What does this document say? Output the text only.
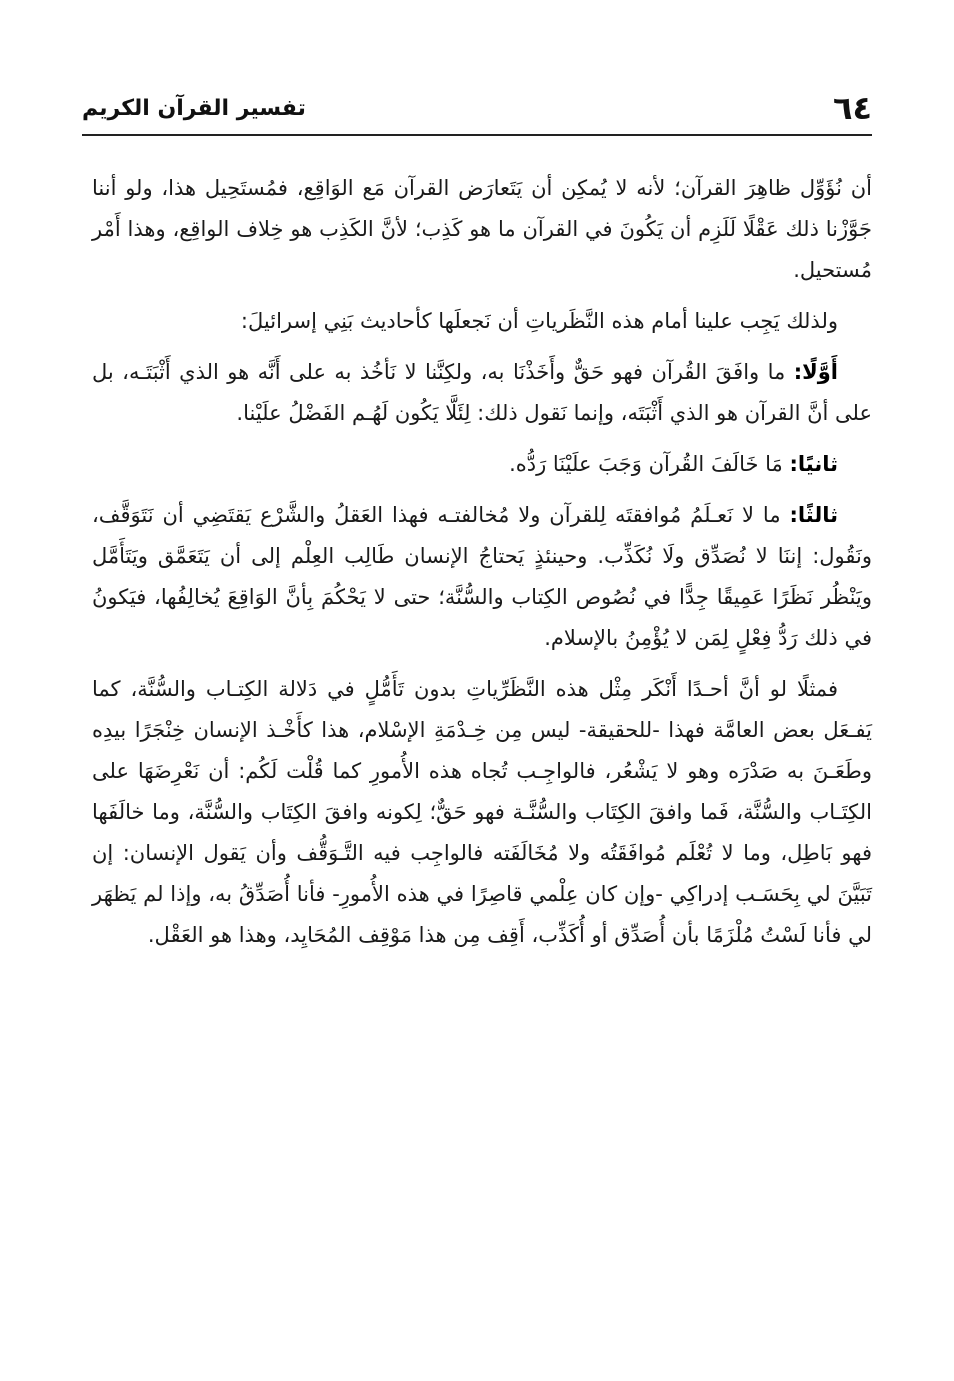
٦٤
تفسير القرآن الكريم

أن نُؤَوِّل ظاهِرَ القرآن؛ لأنه لا يُمكِن أن يَتَعارَض القرآن مَع الوَاقِع، فمُستَحِيل هذا، ولو أننا جَوَّزْنا ذلك عَقْلًا لَلَزِم أن يَكُونَ في القرآن ما هو كَذِب؛ لأنَّ الكَذِب هو خِلاف الواقِع، وهذا أَمْر مُستحيل.

ولذلك يَجِب علينا أمام هذه النَّظَرياتِ أن نَجعلَها كأحاديث بَنِي إسرائيلَ:

أَوَّلًا: ما وافَقَ القُرآن فهو حَقٌّ وأَخَذْنَا به، ولكِنَّنا لا نَأخُذ به على أَنَّه هو الذي أَثْبَتَـه، بل على أنَّ القرآن هو الذي أَثْبَتَه، وإنما نَقول ذلك: لِئَلَّا يَكُون لَهُـم الفَضْلُ علَيْنا.

ثانيًا: مَا خَالَفَ القُرآن وَجَبَ علَيْنَا رَدُّه.

ثالثًا: ما لا نَعـلَمُ مُوافقتَه لِلقرآن ولا مُخالفتـه فهذا العَقلُ والشَّرْع يَقتَضِي أن نَتَوَقَّف، ونَقُول: إننَا لا نُصَدِّق ولَا نُكَذِّب. وحينئذٍ يَحتاجُ الإنسان طَالِب العِلْم إلى أن يَتَعَمَّق ويَتَأَمَّل ويَنْظُر نَظَرًا عَمِيقًا جِدًّا في نُصُوص الكِتاب والسُّنَّة؛ حتى لا يَحْكُمَ بِأنَّ الوَاقِعَ يُخالِفُها، فيَكونُ في ذلك رَدُّ فِعْلٍ لِمَن لا يُؤْمِنُ بالإسلام.

فمثلًا لو أنَّ أحـدًا أَنْكَر مِثْل هذه النَّظَرِّياتِ بدون تَأَمُّلٍ في دَلالة الكِتـاب والسُّنَّة، كما يَفـعَل بعض العامَّة فهذا -للحقيقة- ليس مِن خِـدْمَةِ الإسْلام، هذا كأَخْـذ الإنسان خِنْجَرًا بيدِه وطَعَـنَ به صَدْرَه وهو لا يَشْعُر، فالواجِـب تُجاه هذه الأُمورِ كما قُلْت لَكُم: أن نَعْرِضَهَا على الكِتَـاب والسُّنَّة، فَما وافقَ الكِتَاب والسُّنَّـة فهو حَقٌّ؛ لِكونه وافقَ الكِتَاب والسُّنَّة، وما خالَفَها فهو بَاطِل، وما لا تُعْلَم مُوافَقَتُه ولا مُخَالَفَته فالواجِب فيه التَّـوَقُّف وأن يَقول الإنسان: إن تَبَيَّنَ لي بِحَسَـب إدراكِي -وإن كان عِلْمي قاصِرًا في هذه الأُمورِ- فأنا أُصَدِّقُ به، وإذا لم يَظهَر لي فأنا لَسْتُ مُلْزَمًا بأن أُصَدِّق أو أُكَذِّب، أَقِف مِن هذا مَوْقِف المُحَايِد، وهذا هو العَقْل.
